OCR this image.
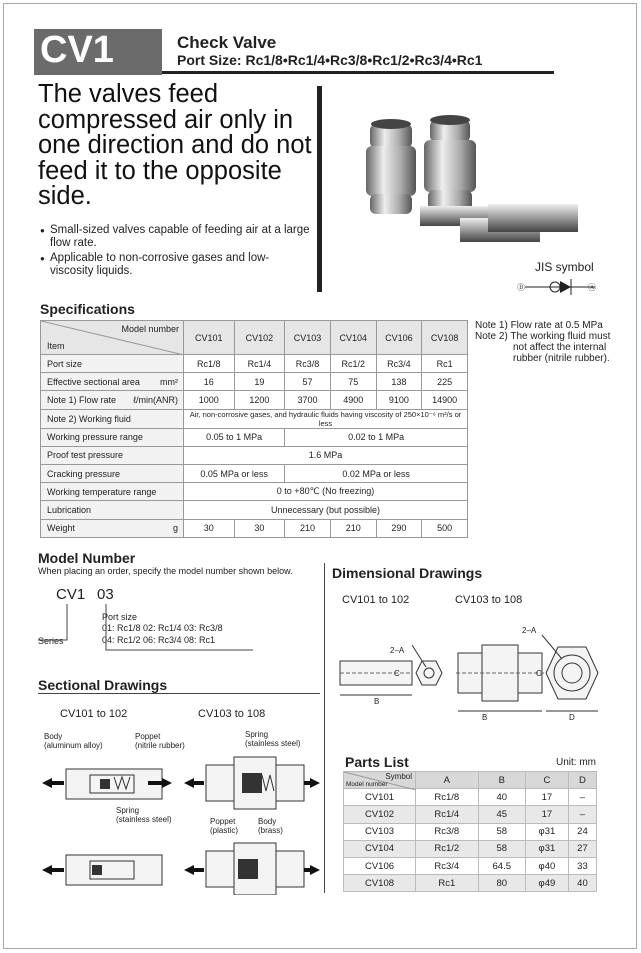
CV1	Check Valve
Port Size: Rc1/8•Rc1/4•Rc3/8•Rc1/2•Rc3/4•Rc1
The valves feed compressed air only in one direction and do not feed it to the opposite side.
● Small-sized valves capable of feeding air at a large flow rate.
● Applicable to non-corrosive gases and low-viscosity liquids.	JIS symbol
Ⓑ	Ⓐ
Specifications
Model number
Item	CV101	CV102	CV103	CV104	CV106	CV108
Port size	Rc1/8	Rc1/4	Rc3/8	Rc1/2	Rc3/4	Rc1
Effective sectional area mm²	16	19	57	75	138	225
Note 1) Flow rate ℓ/min(ANR)	1000	1200	3700	4900	9100	14900
Note 2) Working fluid	Air, non-corrosive gases, and hydraulic fluids having viscosity of 250×10⁻⁶ m²/s or less					
Working pressure range	0.05 to 1 MPa		0.02 to 1 MPa			
Proof test pressure	1.6 MPa					
Cracking pressure	0.05 MPa or less		0.02 MPa or less			
Working temperature range	0 to +80℃ (No freezing)					
Lubrication	Unnecessary (but possible)					
Weight g	30	30	210	210	290	500
Note 1) Flow rate at 0.5 MPa
Note 2) The working fluid must not affect the internal rubber (nitrile rubber).
Model Number
When placing an order, specify the model number shown below.
CV1 03
Series
Port size
01: Rc1/8 02: Rc1/4 03: Rc3/8
04: Rc1/2 06: Rc3/4 08: Rc1
Sectional Drawings
CV101 to 102	CV103 to 108
Body
(aluminum alloy)
Poppet
(nitrile rubber)
Spring
(stainless steel)
Spring
(stainless steel)
Poppet
(plastic)
Body
(brass)
Dimensional Drawings
CV101 to 102	CV103 to 108
2–A
2–A
B
B
C	C
D
Parts List	Unit: mm
Symbol
Model number	A	B	C	D
CV101	Rc1/8	40	17	–
CV102	Rc1/4	45	17	–
CV103	Rc3/8	58	φ31	24
CV104	Rc1/2	58	φ31	27
CV106	Rc3/4	64.5	φ40	33
CV108	Rc1	80	φ49	40
